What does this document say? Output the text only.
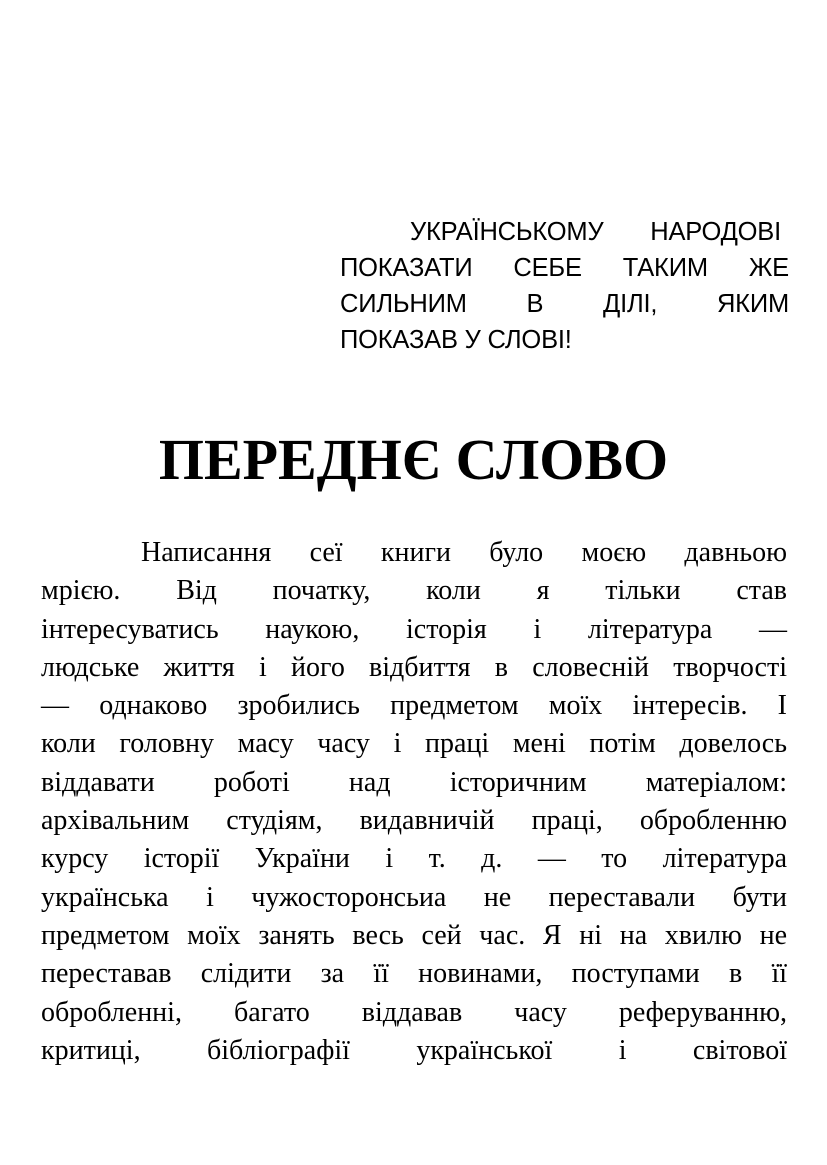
УКРАЇНСЬКОМУ НАРОДОВІ
ПОКАЗАТИ СЕБЕ ТАКИМ ЖЕ
СИЛЬНИМ В ДІЛІ, ЯКИМ
ПОКАЗАВ У СЛОВІ!
ПЕРЕДНЄ СЛОВО
Написання сеї книги було моєю давньою
мрією. Від початку, коли я тільки став
інтересуватись наукою, історія і література —
людське життя і його відбиття в словесній творчості
— однаково зробились предметом моїх інтересів. І
коли головну масу часу і праці мені потім довелось
віддавати роботі над історичним матеріалом:
архівальним студіям, видавничій праці, обробленню
курсу історії України і т. д. — то література
українська і чужосторонсьиа не переставали бути
предметом моїх занять весь сей час. Я ні на хвилю не
переставав слідити за її новинами, поступами в її
обробленні, багато віддавав часу реферуванню,
критиці, бібліографії української і світової
